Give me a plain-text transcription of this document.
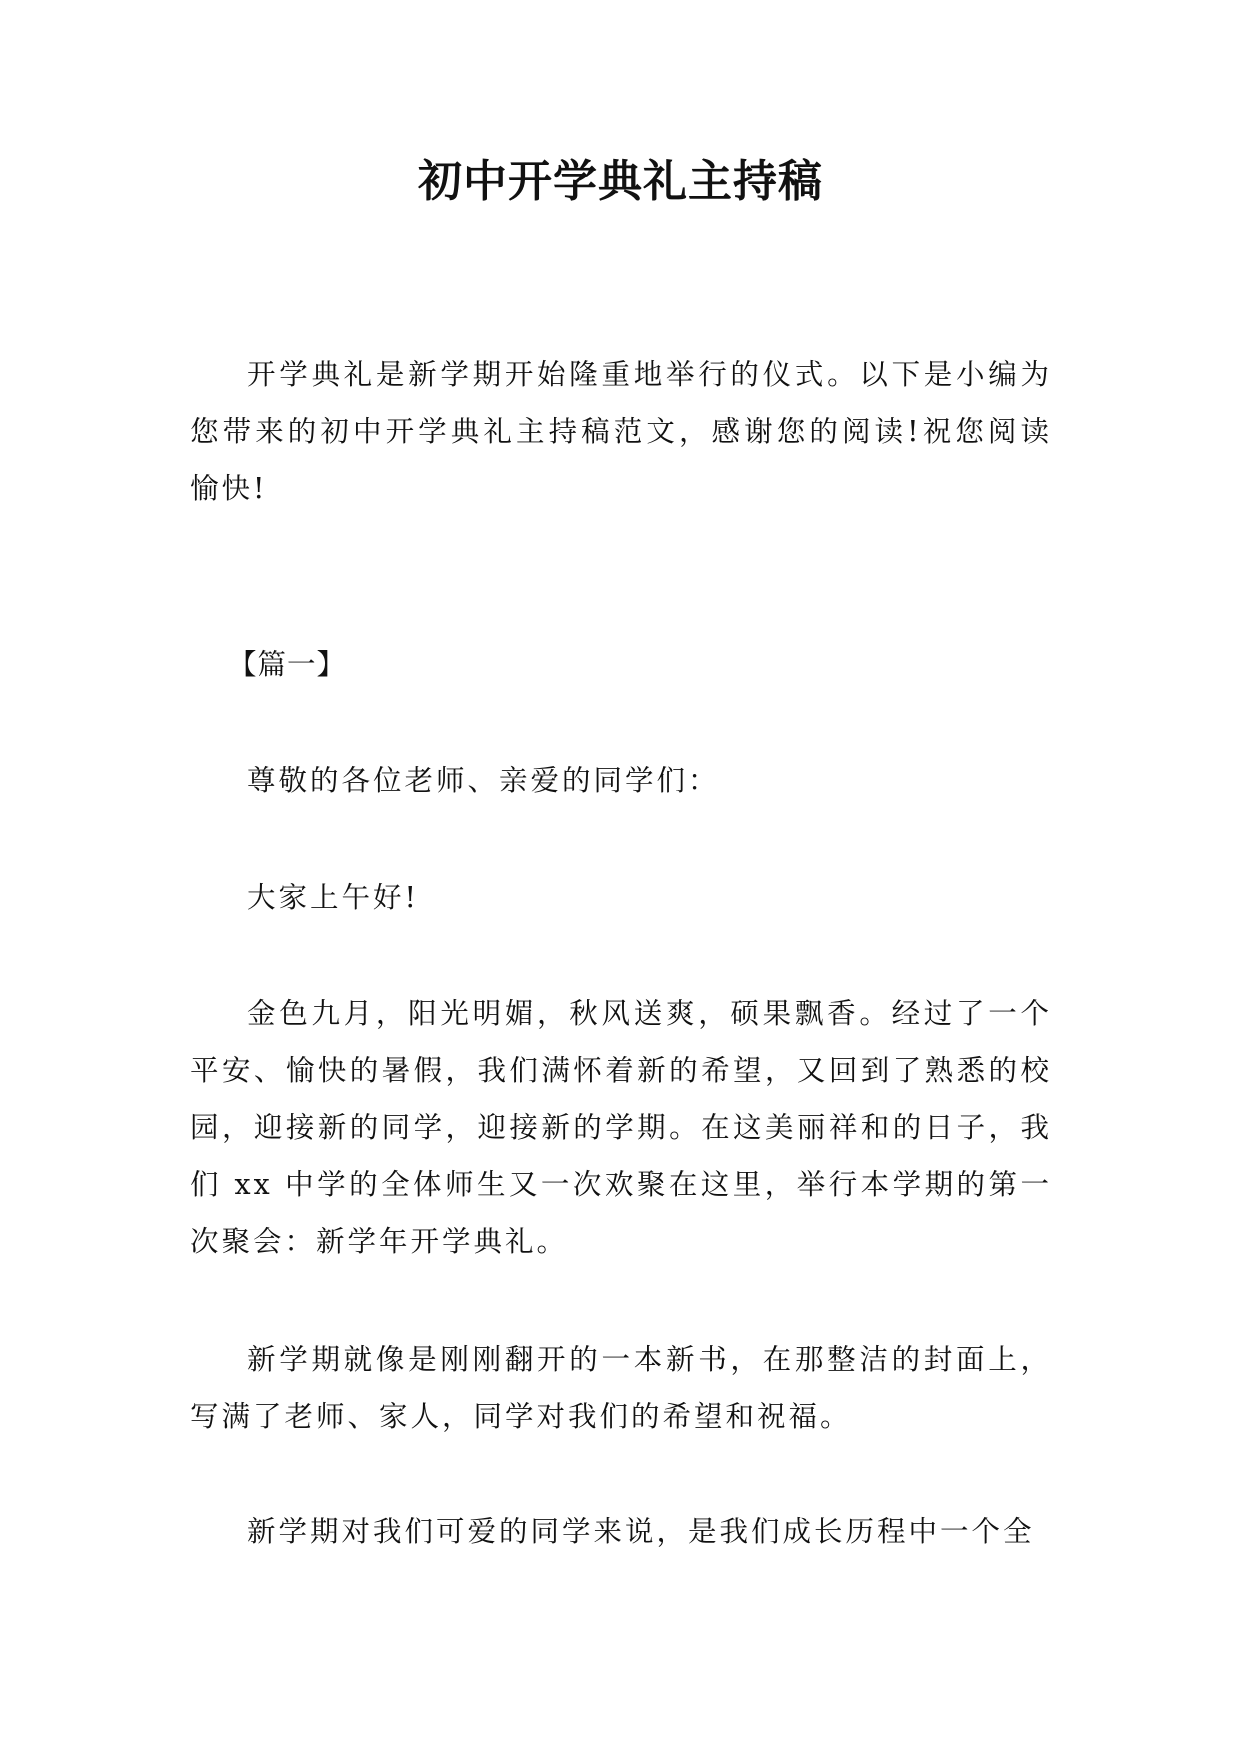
初中开学典礼主持稿

开学典礼是新学期开始隆重地举行的仪式。以下是小编为您带来的初中开学典礼主持稿范文，感谢您的阅读!祝您阅读愉快!

【篇一】

尊敬的各位老师、亲爱的同学们：

大家上午好!

金色九月，阳光明媚，秋风送爽，硕果飘香。经过了一个平安、愉快的暑假，我们满怀着新的希望，又回到了熟悉的校园，迎接新的同学，迎接新的学期。在这美丽祥和的日子，我们 xx 中学的全体师生又一次欢聚在这里，举行本学期的第一次聚会：新学年开学典礼。

新学期就像是刚刚翻开的一本新书，在那整洁的封面上，写满了老师、家人，同学对我们的希望和祝福。

新学期对我们可爱的同学来说，是我们成长历程中一个全
